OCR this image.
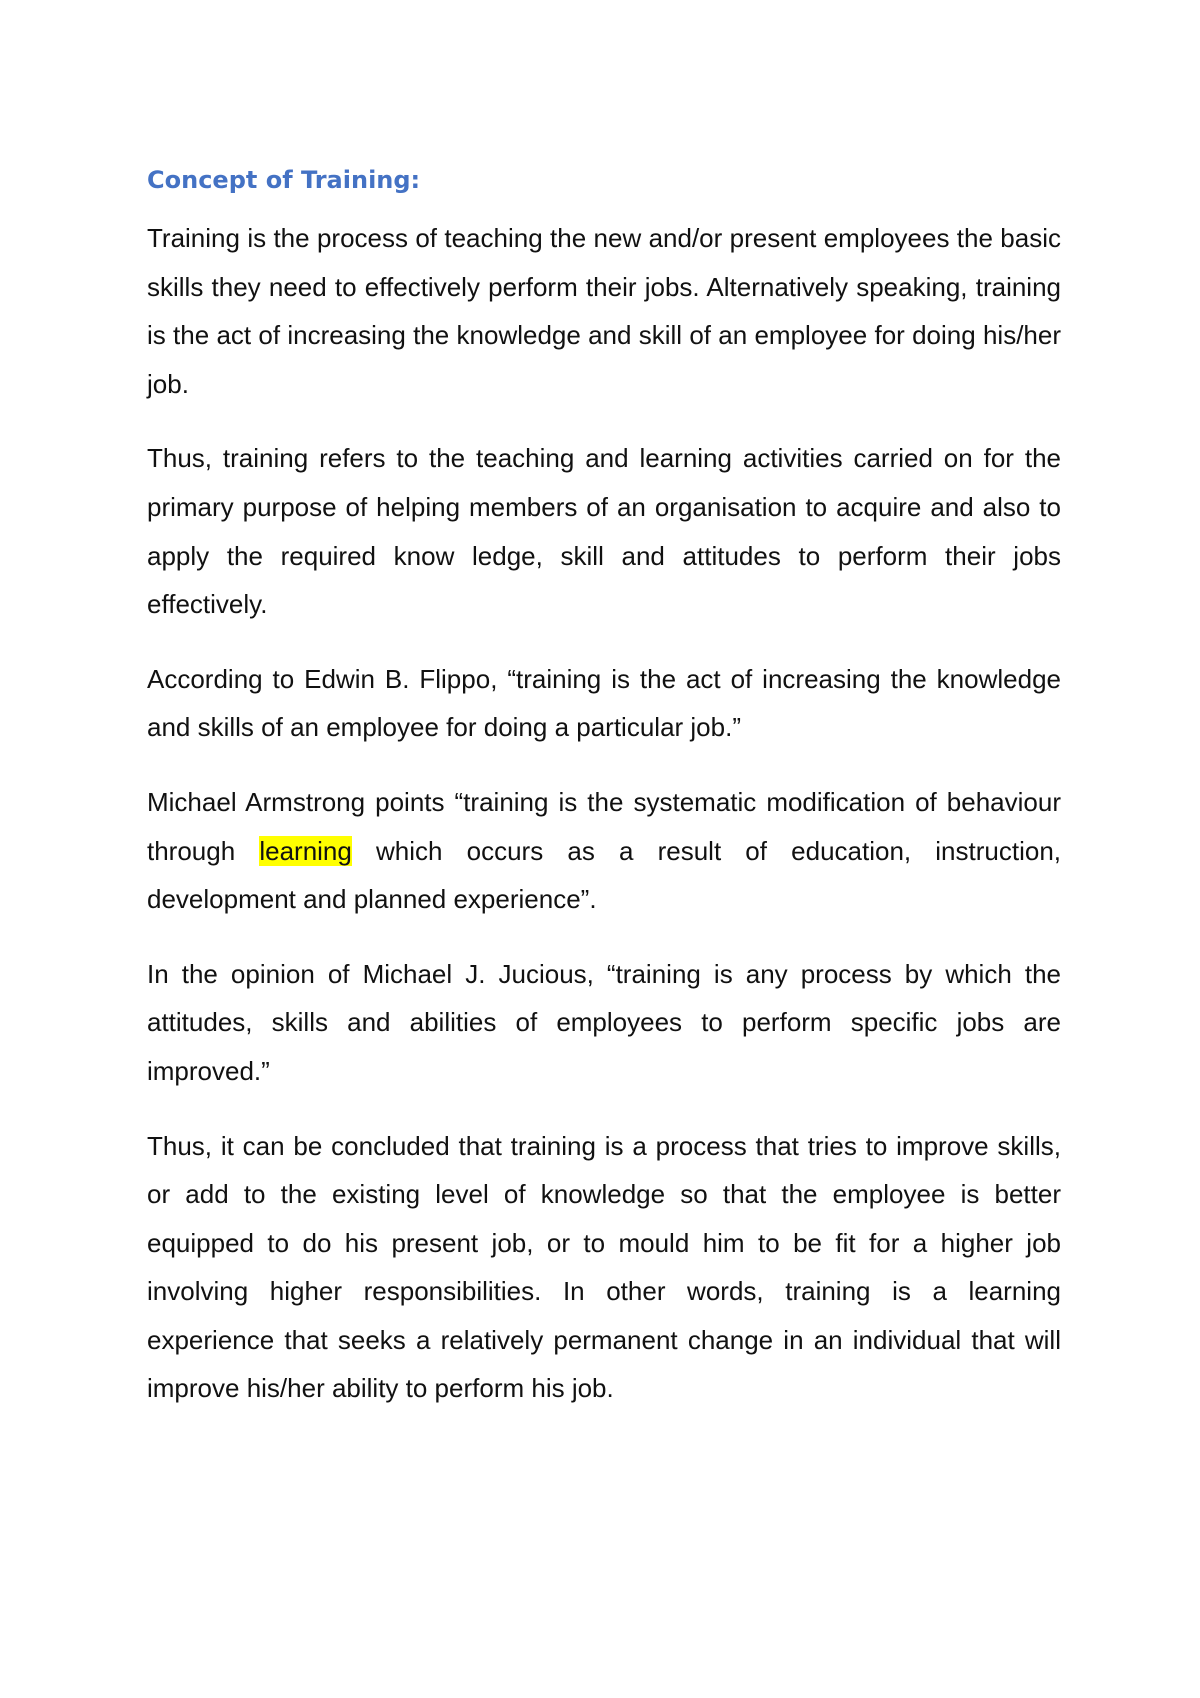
Concept of Training:

Training is the process of teaching the new and/or present employees the basic skills they need to effectively perform their jobs. Alternatively speaking, training is the act of increasing the knowledge and skill of an employee for doing his/her job.

Thus, training refers to the teaching and learning activities carried on for the primary purpose of helping members of an organisation to acquire and also to apply the required know ledge, skill and attitudes to perform their jobs effectively.

According to Edwin B. Flippo, “training is the act of increasing the knowledge and skills of an employee for doing a particular job.”

Michael Armstrong points “training is the systematic modification of behaviour through learning which occurs as a result of education, instruction, development and planned experience”.

In the opinion of Michael J. Jucious, “training is any process by which the attitudes, skills and abilities of employees to perform specific jobs are improved.”

Thus, it can be concluded that training is a process that tries to improve skills, or add to the existing level of knowledge so that the employee is better equipped to do his present job, or to mould him to be fit for a higher job involving higher responsibilities. In other words, training is a learning experience that seeks a relatively permanent change in an individual that will improve his/her ability to perform his job.
